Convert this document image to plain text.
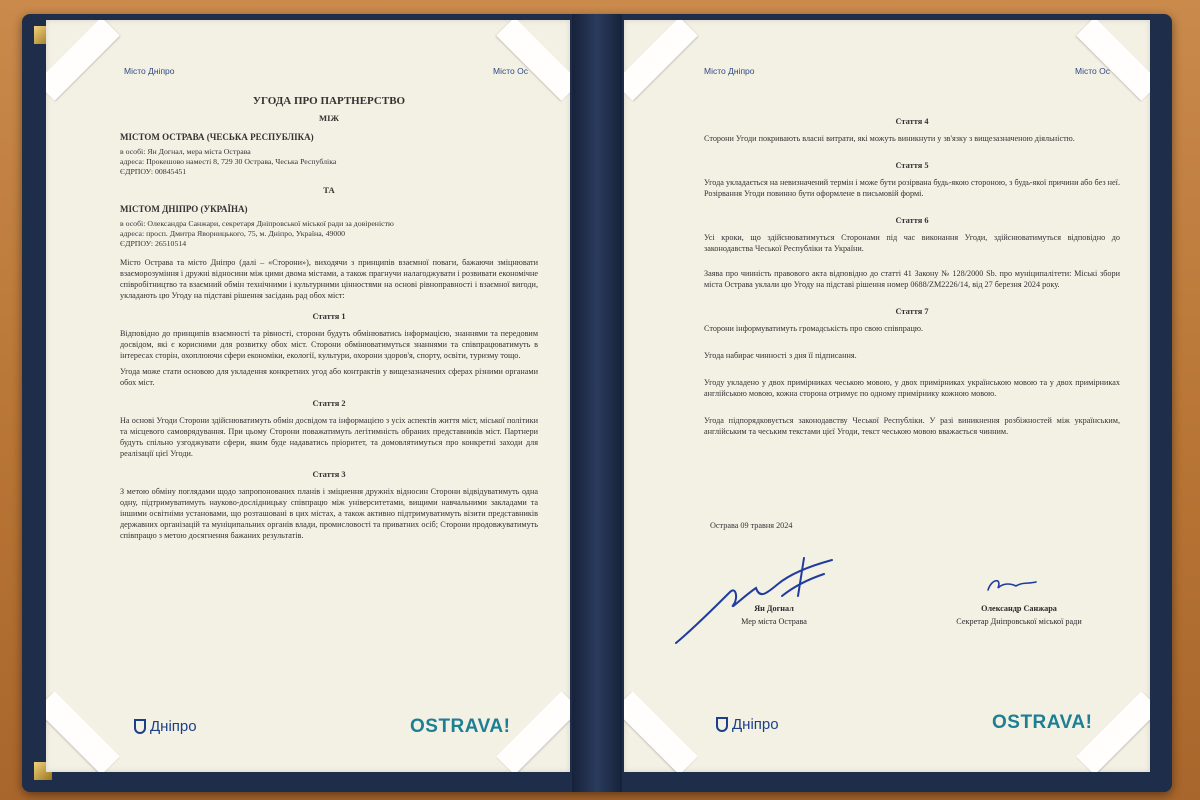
Місто Дніпро	Місто Ос
УГОДА ПРО ПАРТНЕРСТВО
МІЖ
МІСТОМ ОСТРАВА (ЧЕСЬКА РЕСПУБЛІКА)
в особі: Ян Догнал, мера міста Острава
адреса: Прокешово наместі 8, 729 30 Острава, Чеська Республіка
ЄДРПОУ: 00845451
ТА
МІСТОМ ДНІПРО (УКРАЇНА)
в особі: Олександра Санжари, секретаря Дніпровської міської ради за довіреністю
адреса: просп. Дмитра Яворницького, 75, м. Дніпро, Україна, 49000
ЄДРПОУ: 26510514

Місто Острава та місто Дніпро (далі – «Сторони»), виходячи з принципів взаємної поваги, бажаючи зміцнювати взаєморозуміння і дружні відносини між цими двома містами, а також прагнучи налагоджувати і розвивати економічне співробітництво та взаємний обмін технічними і культурними цінностями на основі рівноправності і взаємної вигоди, укладають цю Угоду на підставі рішення засідань рад обох міст:

Стаття 1

Відповідно до принципів взаємності та рівності, сторони будуть обмінюватись інформацією, знаннями та передовим досвідом, які є корисними для розвитку обох міст. Сторони обмінюватимуться знаннями та співпрацюватимуть в інтересах сторін, охоплюючи сфери економіки, екології, культури, охорони здоров'я, спорту, освіти, туризму тощо.

Угода може стати основою для укладення конкретних угод або контрактів у вищезазначених сферах різними органами обох міст.

Стаття 2

На основі Угоди Сторони здійснюватимуть обмін досвідом та інформацією з усіх аспектів життя міст, міської політики та місцевого самоврядування. При цьому Сторони поважатимуть легітимність обраних представників міст. Партнери будуть спільно узгоджувати сфери, яким буде надаватись пріоритет, та домовлятимуться про конкретні заходи для реалізації цієї Угоди.

Стаття 3

З метою обміну поглядами щодо запропонованих планів і зміцнення дружніх відносин Сторони відвідуватимуть одна одну, підтримуватимуть науково-дослідницьку співпрацю між університетами, вищими навчальними закладами та іншими освітніми установами, що розташовані в цих містах, а також активно підтримуватимуть візити представників державних організацій та муніципальних органів влади, промисловості та приватних осіб; Сторони продовжуватимуть співпрацю з метою досягнення бажаних результатів.

Дніпро	OSTRAVA!
Місто Дніпро	Місто Ос
Стаття 4

Сторони Угоди покривають власні витрати, які можуть виникнути у зв'язку з вищезазначеною діяльністю.

Стаття 5

Угода укладається на невизначений термін і може бути розірвана будь-якою стороною, з будь-якої причини або без неї. Розірвання Угоди повинно бути оформлене в письмовій формі.

Стаття 6

Усі кроки, що здійснюватимуться Сторонами під час виконання Угоди, здійснюватимуться відповідно до законодавства Чеської Республіки та України.

Заява про чинність правового акта відповідно до статті 41 Закону № 128/2000 Sb. про муніципалітети: Міські збори міста Острава уклали цю Угоду на підставі рішення номер 0688/ZM2226/14, від 27 березня 2024 року.

Стаття 7

Сторони інформуватимуть громадськість про свою співпрацю.

Угода набирає чинності з дня її підписання.

Угоду укладено у двох примірниках чеською мовою, у двох примірниках українською мовою та у двох примірниках англійською мовою, кожна сторона отримує по одному примірнику кожною мовою.

Угода підпорядковується законодавству Чеської Республіки. У разі виникнення розбіжностей між українським, англійським та чеським текстами цієї Угоди, текст чеською мовою вважається чинним.

Острава 09 травня 2024
Ян Догнал
Мер міста Острава
Олександр Санжара
Секретар Дніпровської міської ради
Дніпро	OSTRAVA!
